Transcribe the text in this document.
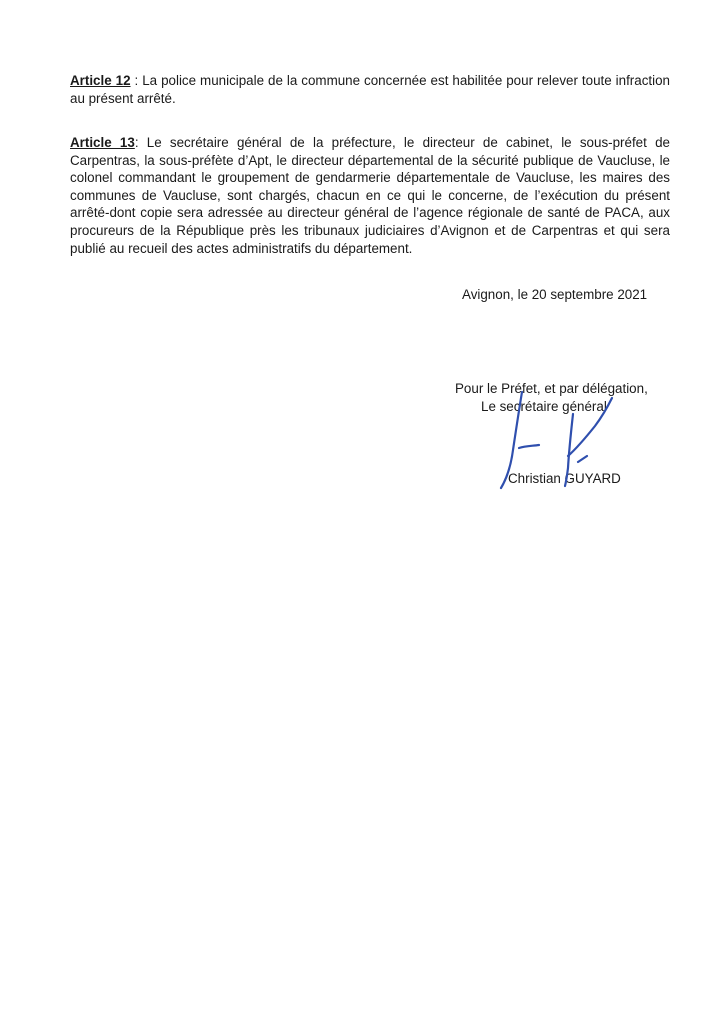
Article 12 : La police municipale de la commune concernée est habilitée pour relever toute infraction au présent arrêté.

Article 13: Le secrétaire général de la préfecture, le directeur de cabinet, le sous-préfet de Carpentras, la sous-préfète d’Apt, le directeur départemental de la sécurité publique de Vaucluse, le colonel commandant le groupement de gendarmerie départementale de Vaucluse, les maires des communes de Vaucluse, sont chargés, chacun en ce qui le concerne, de l’exécution du présent arrêté-dont copie sera adressée au directeur général de l’agence régionale de santé de PACA, aux procureurs de la République près les tribunaux judiciaires d’Avignon et de Carpentras et qui sera publié au recueil des actes administratifs du département.

Avignon, le 20 septembre 2021
Pour le Préfet, et par délégation,
Le secrétaire général
Christian GUYARD
